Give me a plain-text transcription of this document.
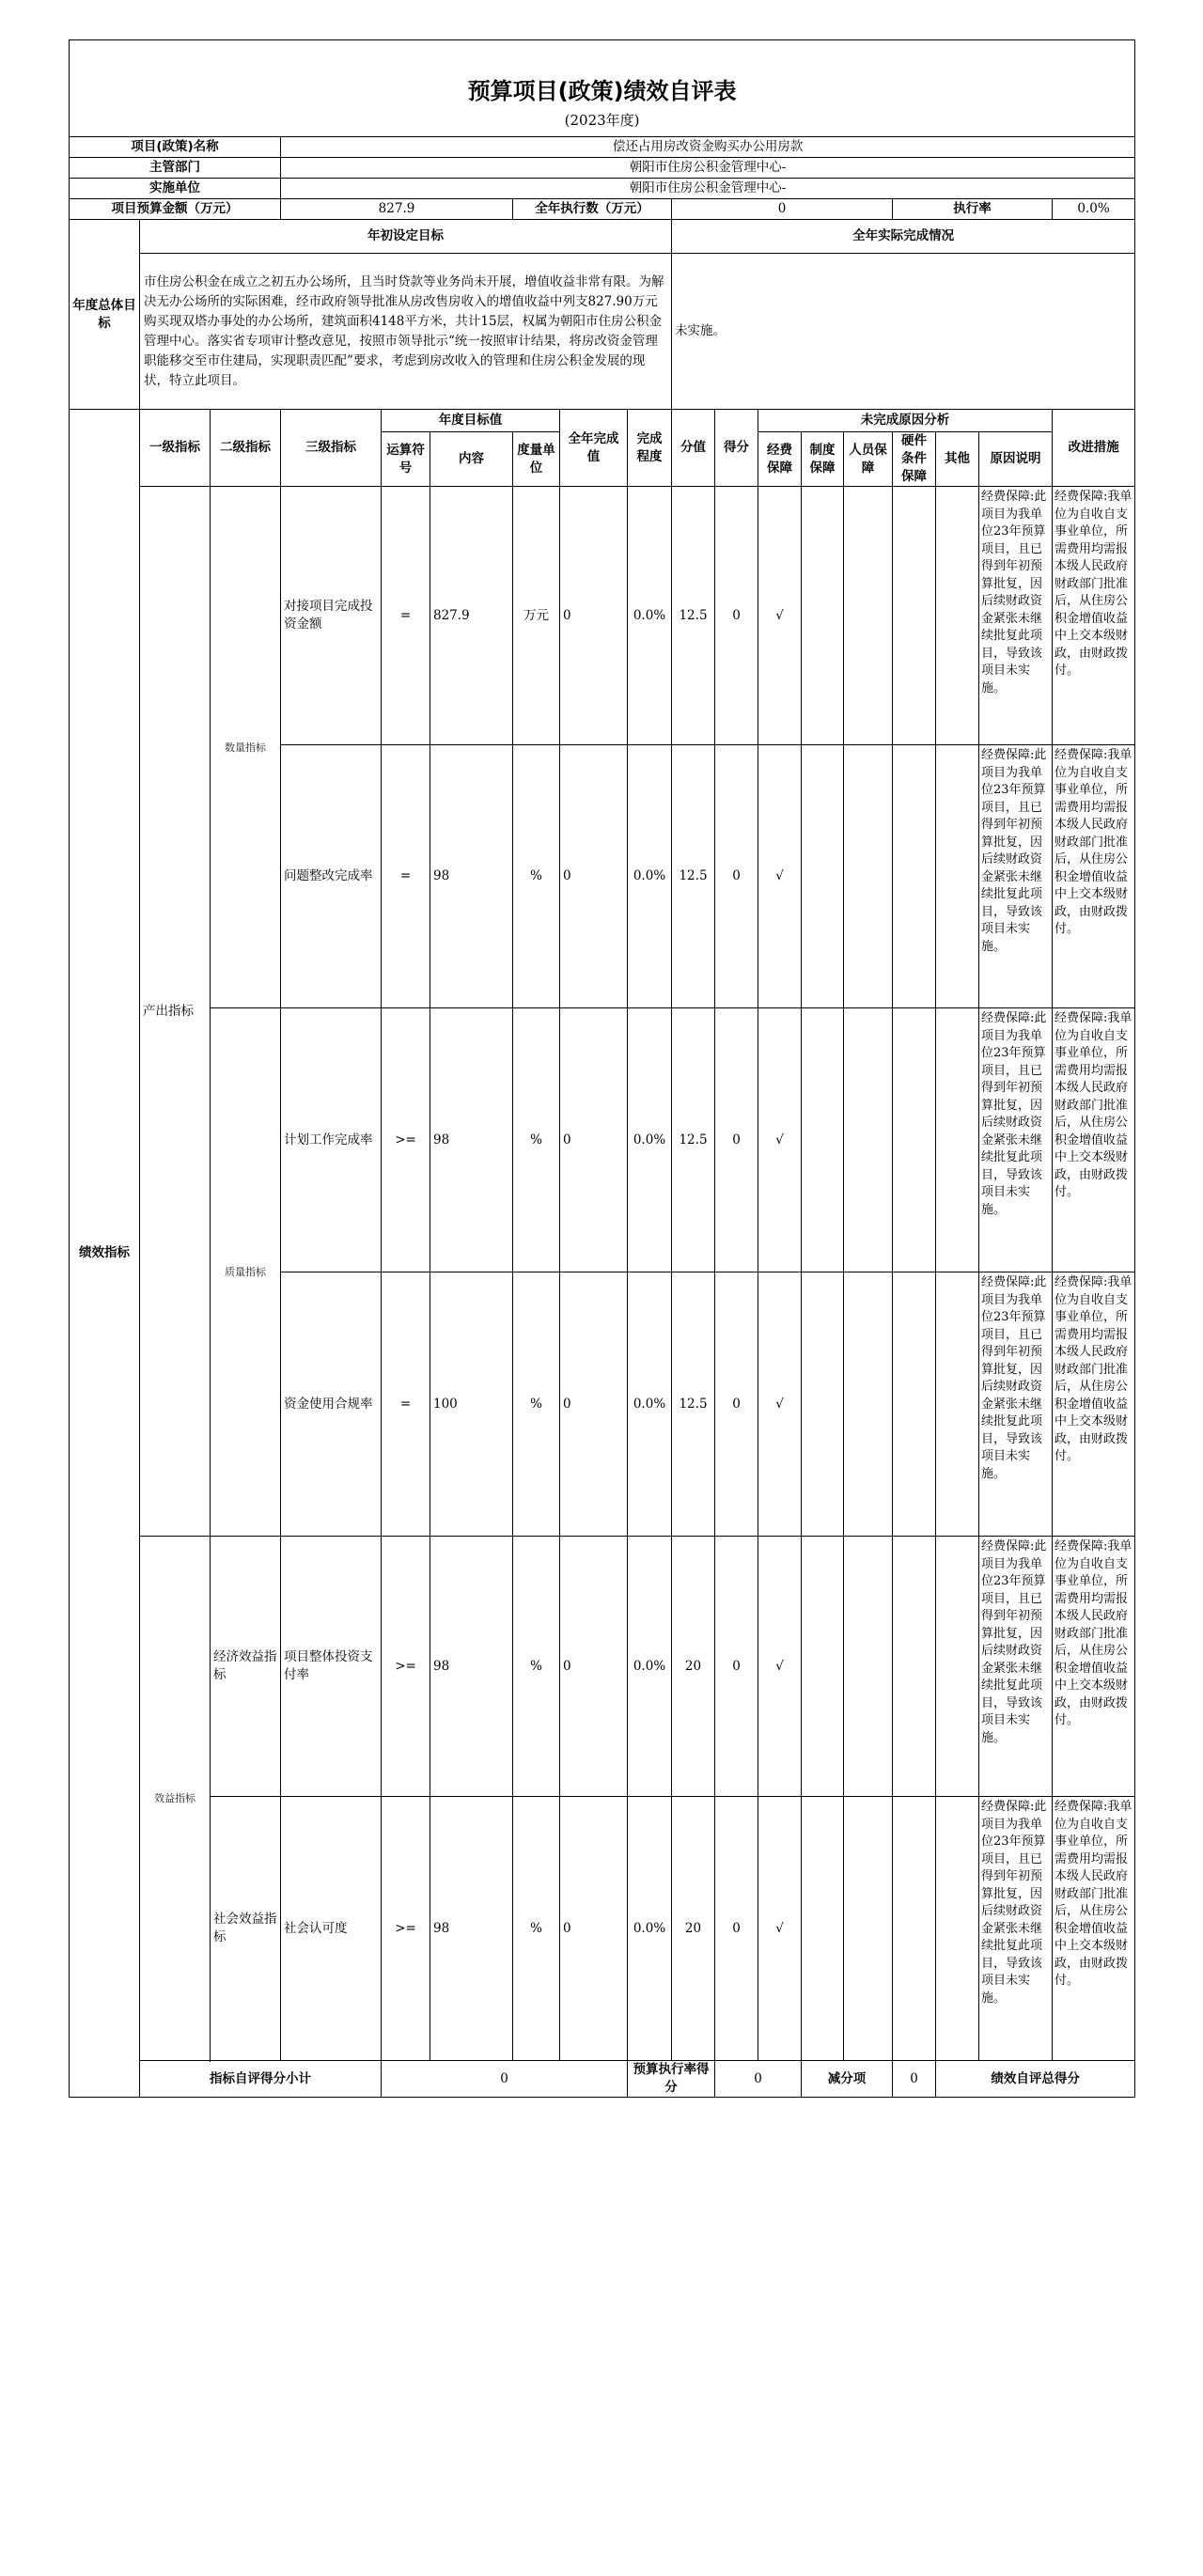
预算项目(政策)绩效自评表																		
(2023年度)																		
项目(政策)名称			偿还占用房改资金购买办公用房款															
主管部门			朝阳市住房公积金管理中心-															
实施单位			朝阳市住房公积金管理中心-															
项目预算金额（万元）			827.9			全年执行数（万元）			0					执行率			0.0%	
年度总体目标	年初设定目标								全年实际完成情况									
	市住房公积金在成立之初五办公场所，且当时贷款等业务尚未开展，增值收益非常有限。为解决无办公场所的实际困难，经市政府领导批准从房改售房收入的增值收益中列支827.90万元购买现双塔办事处的办公场所，建筑面积4148平方米，共计15层，权属为朝阳市住房公积金管理中心。落实省专项审计整改意见，按照市领导批示“统一按照审计结果，将房改资金管理职能移交至市住建局，实现职责匹配”要求，考虑到房改收入的管理和住房公积金发展的现状，特立此项目。								未实施。									
绩效指标	一级指标	二级指标	三级指标	年度目标值			全年完成值	完成程度	分值	得分	未完成原因分析						改进措施	
				运算符号	内容	度量单位					经费保障	制度保障	人员保障	硬件条件保障	其他	原因说明		
	产出指标	数量指标	对接项目完成投资金额	=	827.9	万元	0	0.0%	12.5	0	√					经费保障:此项目为我单位23年预算项目，且已得到年初预算批复，因后续财政资金紧张未继续批复此项目，导致该项目未实施。	经费保障:我单位为自收自支事业单位，所需费用均需报本级人民政府财政部门批准后，从住房公积金增值收益中上交本级财政，由财政拨付。	

			问题整改完成率	=	98	%	0	0.0%	12.5	0	√					经费保障:此项目为我单位23年预算项目，且已得到年初预算批复，因后续财政资金紧张未继续批复此项目，导致该项目未实施。	经费保障:我单位为自收自支事业单位，所需费用均需报本级人民政府财政部门批准后，从住房公积金增值收益中上交本级财政，由财政拨付。	

		质量指标	计划工作完成率	>=	98	%	0	0.0%	12.5	0	√					经费保障:此项目为我单位23年预算项目，且已得到年初预算批复，因后续财政资金紧张未继续批复此项目，导致该项目未实施。	经费保障:我单位为自收自支事业单位，所需费用均需报本级人民政府财政部门批准后，从住房公积金增值收益中上交本级财政，由财政拨付。	

			资金使用合规率	=	100	%	0	0.0%	12.5	0	√					经费保障:此项目为我单位23年预算项目，且已得到年初预算批复，因后续财政资金紧张未继续批复此项目，导致该项目未实施。	经费保障:我单位为自收自支事业单位，所需费用均需报本级人民政府财政部门批准后，从住房公积金增值收益中上交本级财政，由财政拨付。	

	效益指标	经济效益指标	项目整体投资支付率	>=	98	%	0	0.0%	20	0	√					经费保障:此项目为我单位23年预算项目，且已得到年初预算批复，因后续财政资金紧张未继续批复此项目，导致该项目未实施。	经费保障:我单位为自收自支事业单位，所需费用均需报本级人民政府财政部门批准后，从住房公积金增值收益中上交本级财政，由财政拨付。	

		社会效益指标	社会认可度	>=	98	%	0	0.0%	20	0	√					经费保障:此项目为我单位23年预算项目，且已得到年初预算批复，因后续财政资金紧张未继续批复此项目，导致该项目未实施。	经费保障:我单位为自收自支事业单位，所需费用均需报本级人民政府财政部门批准后，从住房公积金增值收益中上交本级财政，由财政拨付。	

	指标自评得分小计			0				预算执行率得分		0		减分项		0	绩效自评总得分	
